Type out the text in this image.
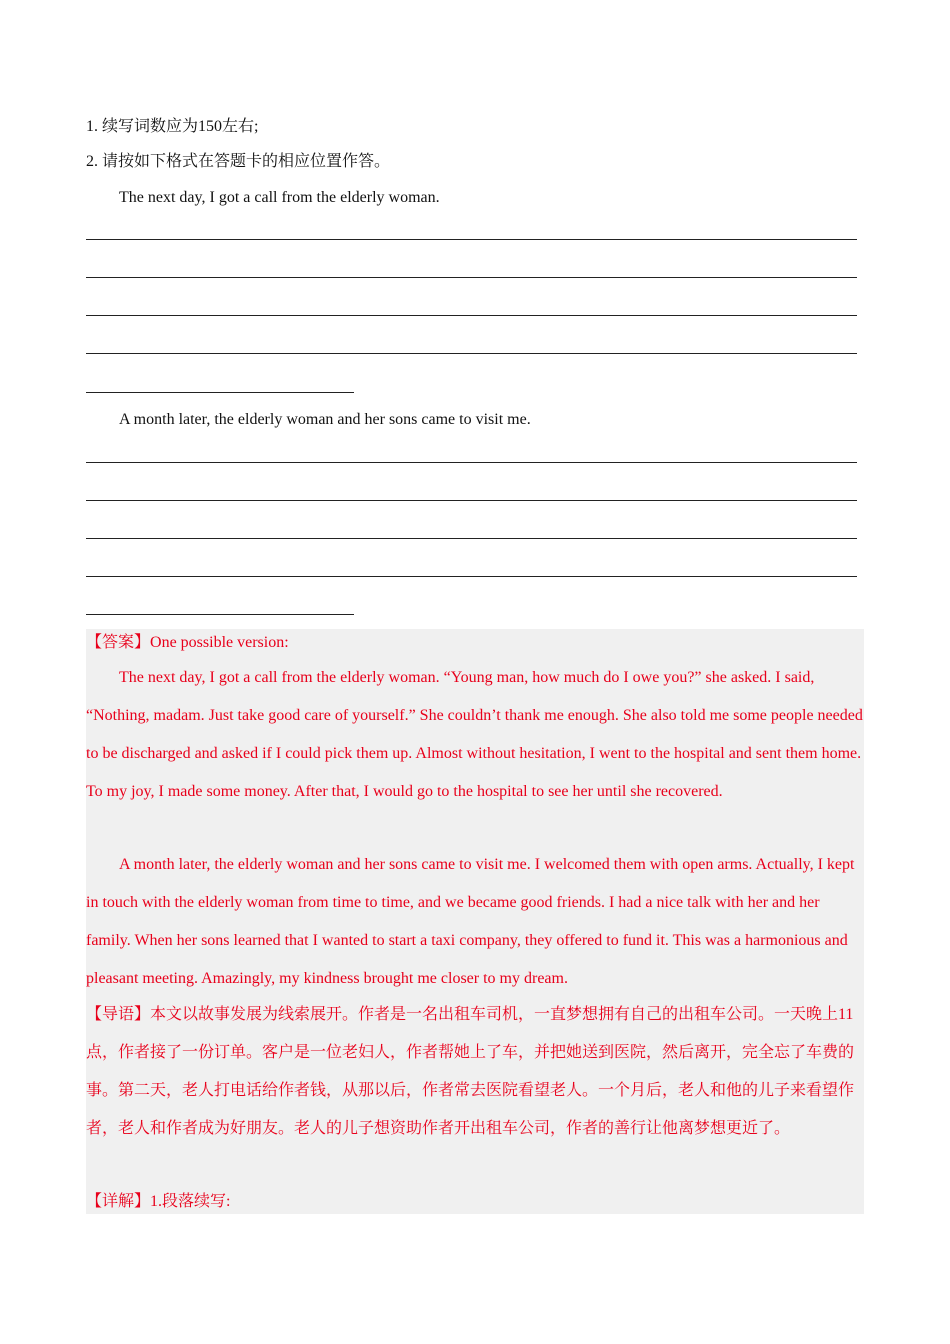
1. 续写词数应为150左右;
2. 请按如下格式在答题卡的相应位置作答。
The next day, I got a call from the elderly woman.
A month later, the elderly woman and her sons came to visit me.
【答案】One possible version:

The next day, I got a call from the elderly woman. “Young man, how much do I owe you?” she asked. I said, “Nothing, madam. Just take good care of yourself.” She couldn’t thank me enough. She also told me some people needed to be discharged and asked if I could pick them up. Almost without hesitation, I went to the hospital and sent them home. To my joy, I made some money. After that, I would go to the hospital to see her until she recovered.

A month later, the elderly woman and her sons came to visit me. I welcomed them with open arms. Actually, I kept in touch with the elderly woman from time to time, and we became good friends. I had a nice talk with her and her family. When her sons learned that I wanted to start a taxi company, they offered to fund it. This was a harmonious and pleasant meeting. Amazingly, my kindness brought me closer to my dream.

【导语】本文以故事发展为线索展开。作者是一名出租车司机，一直梦想拥有自己的出租车公司。一天晚上11点，作者接了一份订单。客户是一位老妇人，作者帮她上了车，并把她送到医院，然后离开，完全忘了车费的事。第二天，老人打电话给作者钱，从那以后，作者常去医院看望老人。一个月后，老人和他的儿子来看望作者，老人和作者成为好朋友。老人的儿子想资助作者开出租车公司，作者的善行让他离梦想更近了。
【详解】1.段落续写:
